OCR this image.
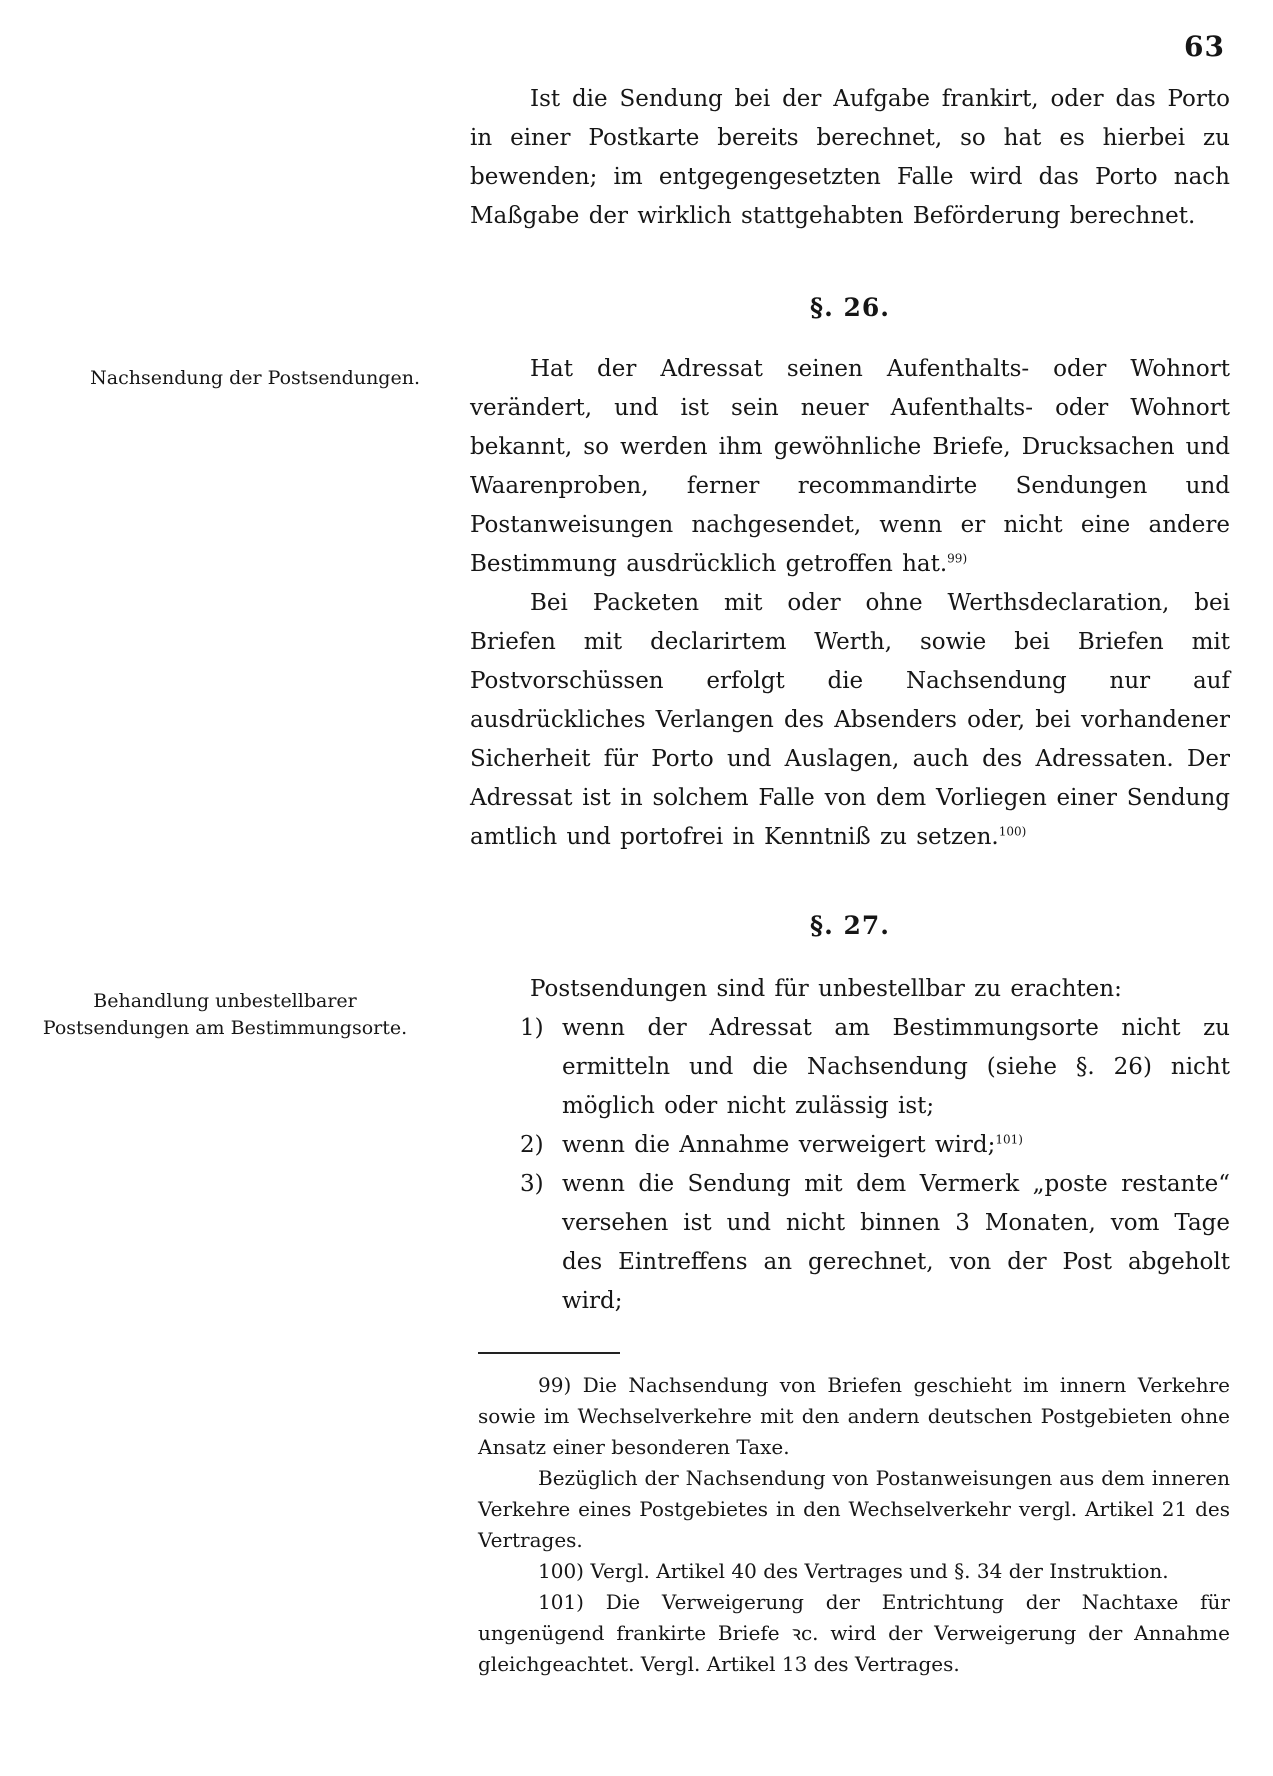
63
Nachsendung der Postsendungen.
Behandlung unbestellbarer Postsendungen am Bestimmungsorte.

Ist die Sendung bei der Aufgabe frankirt, oder das Porto in einer Postkarte bereits berechnet, so hat es hierbei zu bewenden; im entgegengesetzten Falle wird das Porto nach Maßgabe der wirklich stattgehabten Beförderung berechnet.

§. 26.

Hat der Adressat seinen Aufenthalts- oder Wohnort verändert, und ist sein neuer Aufenthalts- oder Wohnort bekannt, so werden ihm gewöhnliche Briefe, Drucksachen und Waarenproben, ferner recommandirte Sendungen und Postanweisungen nachgesendet, wenn er nicht eine andere Bestimmung ausdrücklich getroffen hat.$^{99)}$

Bei Packeten mit oder ohne Werthsdeclaration, bei Briefen mit declarirtem Werth, sowie bei Briefen mit Postvorschüssen erfolgt die Nachsendung nur auf ausdrückliches Verlangen des Absenders oder, bei vorhandener Sicherheit für Porto und Auslagen, auch des Adressaten. Der Adressat ist in solchem Falle von dem Vorliegen einer Sendung amtlich und portofrei in Kenntniß zu setzen.$^{100)}$

§. 27.

Postsendungen sind für unbestellbar zu erachten:

1) wenn der Adressat am Bestimmungsorte nicht zu ermitteln und die Nachsendung (siehe §. 26) nicht möglich oder nicht zulässig ist;
2) wenn die Annahme verweigert wird;$^{101)}$
3) wenn die Sendung mit dem Vermerk „poste restante“ versehen ist und nicht binnen 3 Monaten, vom Tage des Eintreffens an gerechnet, von der Post abgeholt wird;

99) Die Nachsendung von Briefen geschieht im innern Verkehre sowie im Wechselverkehre mit den andern deutschen Postgebieten ohne Ansatz einer besonderen Taxe.

Bezüglich der Nachsendung von Postanweisungen aus dem inneren Verkehre eines Postgebietes in den Wechselverkehr vergl. Artikel 21 des Vertrages.

100) Vergl. Artikel 40 des Vertrages und §. 34 der Instruktion.

101) Die Verweigerung der Entrichtung der Nachtaxe für ungenügend frankirte Briefe ꝛc. wird der Verweigerung der Annahme gleichgeachtet. Vergl. Artikel 13 des Vertrages.
